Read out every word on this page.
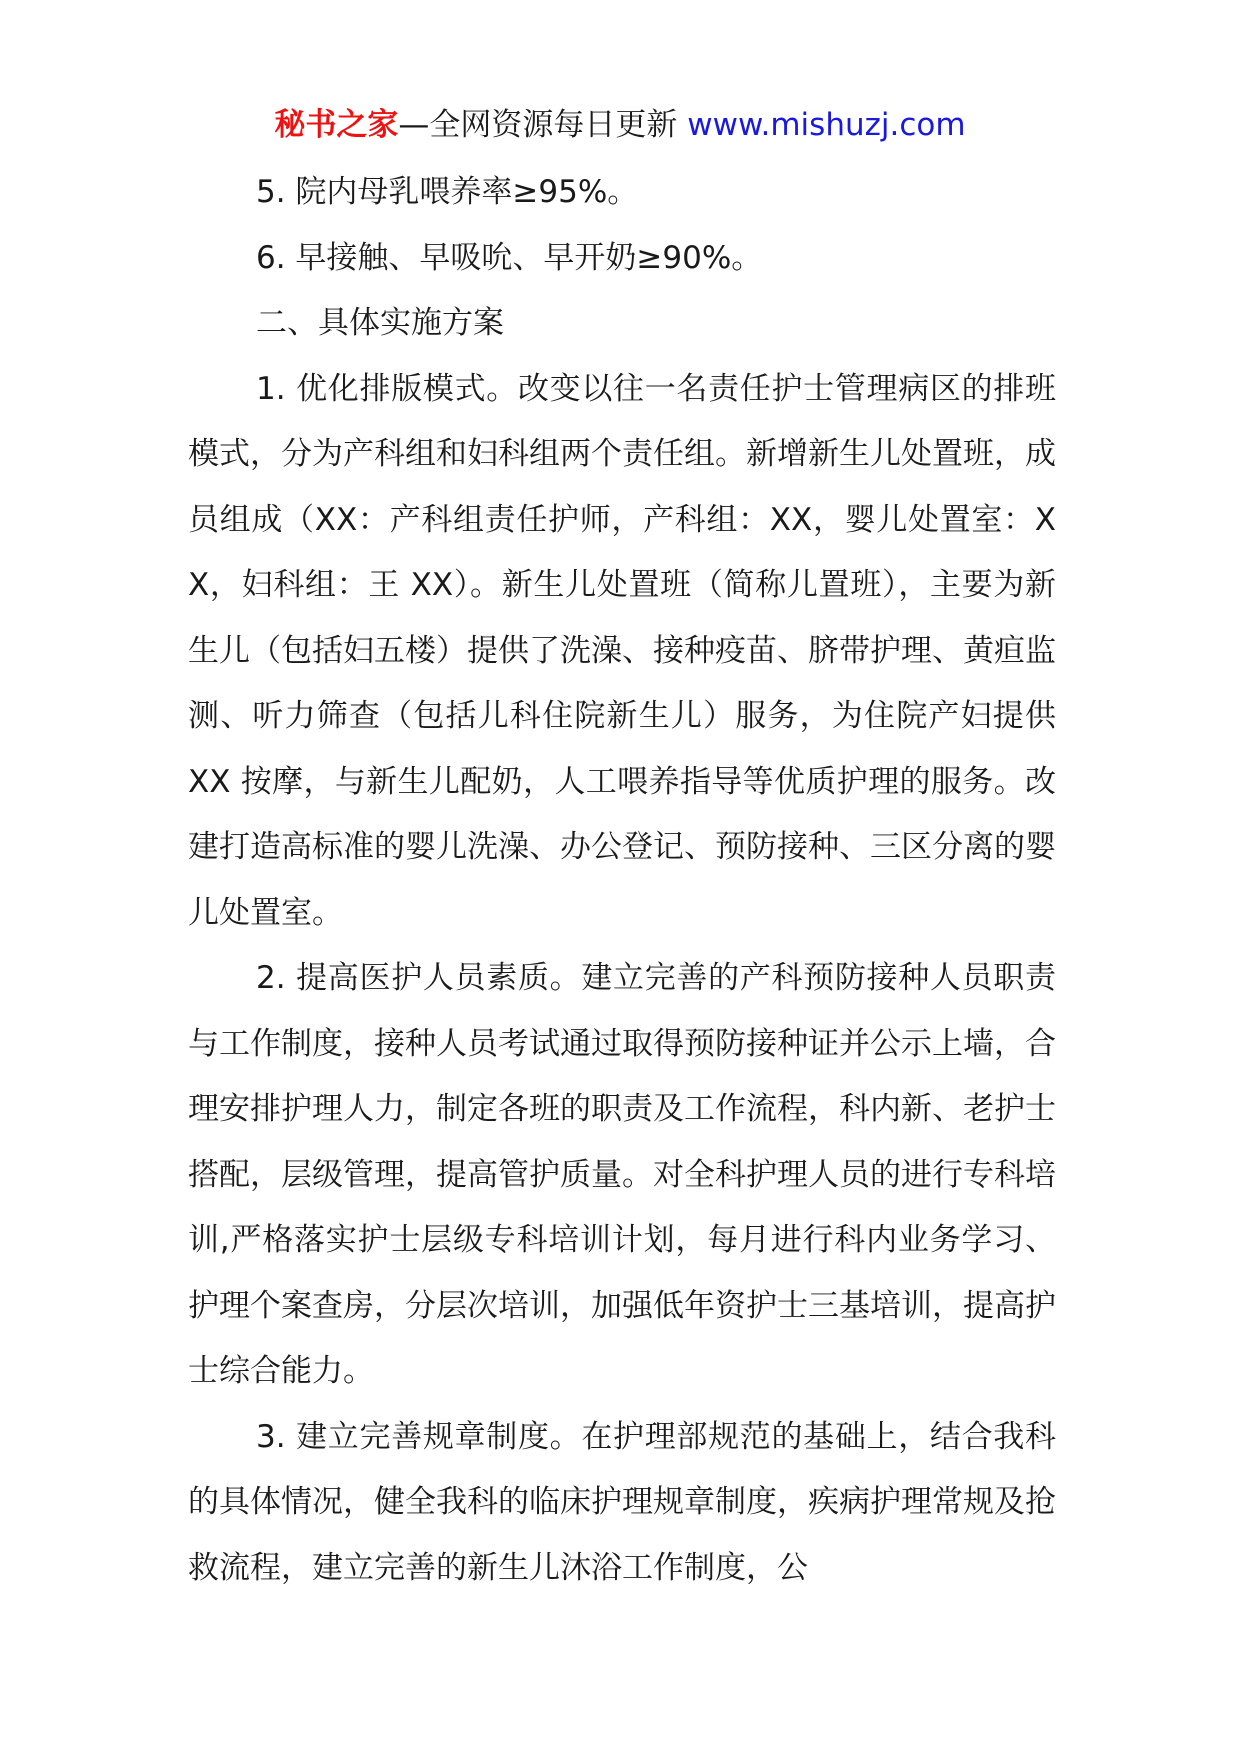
秘书之家—全网资源每日更新 www.mishuzj.com

5. 院内母乳喂养率≥95%。

6. 早接触、早吸吮、早开奶≥90%。

二、具体实施方案

1. 优化排版模式。改变以往一名责任护士管理病区的排班模式，分为产科组和妇科组两个责任组。新增新生儿处置班，成员组成（XX：产科组责任护师，产科组：XX，婴儿处置室：XX，妇科组：王 XX）。新生儿处置班（简称儿置班），主要为新生儿（包括妇五楼）提供了洗澡、接种疫苗、脐带护理、黄疸监测、听力筛查（包括儿科住院新生儿）服务，为住院产妇提供 XX 按摩，与新生儿配奶，人工喂养指导等优质护理的服务。改建打造高标准的婴儿洗澡、办公登记、预防接种、三区分离的婴儿处置室。

2. 提高医护人员素质。建立完善的产科预防接种人员职责与工作制度，接种人员考试通过取得预防接种证并公示上墙，合理安排护理人力，制定各班的职责及工作流程，科内新、老护士搭配，层级管理，提高管护质量。对全科护理人员的进行专科培训,严格落实护士层级专科培训计划，每月进行科内业务学习、护理个案查房，分层次培训，加强低年资护士三基培训，提高护士综合能力。

3. 建立完善规章制度。在护理部规范的基础上，结合我科的具体情况，健全我科的临床护理规章制度，疾病护理常规及抢救流程，建立完善的新生儿沐浴工作制度，公
